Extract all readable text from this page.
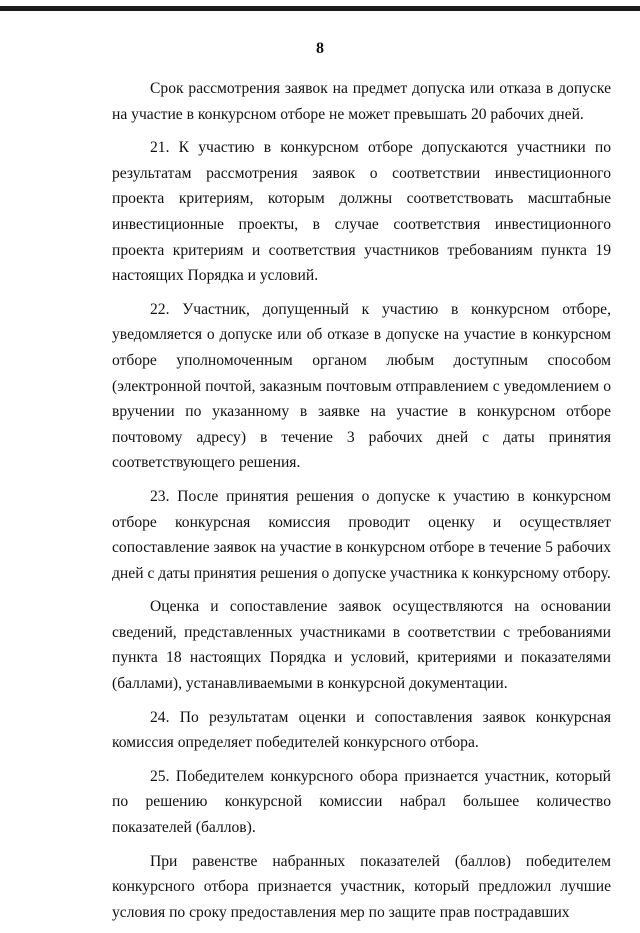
8

Срок рассмотрения заявок на предмет допуска или отказа в допуске на участие в конкурсном отборе не может превышать 20 рабочих дней.

21. К участию в конкурсном отборе допускаются участники по результатам рассмотрения заявок о соответствии инвестиционного проекта критериям, которым должны соответствовать масштабные инвестиционные проекты, в случае соответствия инвестиционного проекта критериям и соответствия участников требованиям пункта 19 настоящих Порядка и условий.

22. Участник, допущенный к участию в конкурсном отборе, уведомляется о допуске или об отказе в допуске на участие в конкурсном отборе уполномоченным органом любым доступным способом (электронной почтой, заказным почтовым отправлением с уведомлением о вручении по указанному в заявке на участие в конкурсном отборе почтовому адресу) в течение 3 рабочих дней с даты принятия соответствующего решения.

23. После принятия решения о допуске к участию в конкурсном отборе конкурсная комиссия проводит оценку и осуществляет сопоставление заявок на участие в конкурсном отборе в течение 5 рабочих дней с даты принятия решения о допуске участника к конкурсному отбору.

Оценка и сопоставление заявок осуществляются на основании сведений, представленных участниками в соответствии с требованиями пункта 18 настоящих Порядка и условий, критериями и показателями (баллами), устанавливаемыми в конкурсной документации.

24. По результатам оценки и сопоставления заявок конкурсная комиссия определяет победителей конкурсного отбора.

25. Победителем конкурсного обора признается участник, который по решению конкурсной комиссии набрал большее количество показателей (баллов).

При равенстве набранных показателей (баллов) победителем конкурсного отбора признается участник, который предложил лучшие условия по сроку предоставления мер по защите прав пострадавших
